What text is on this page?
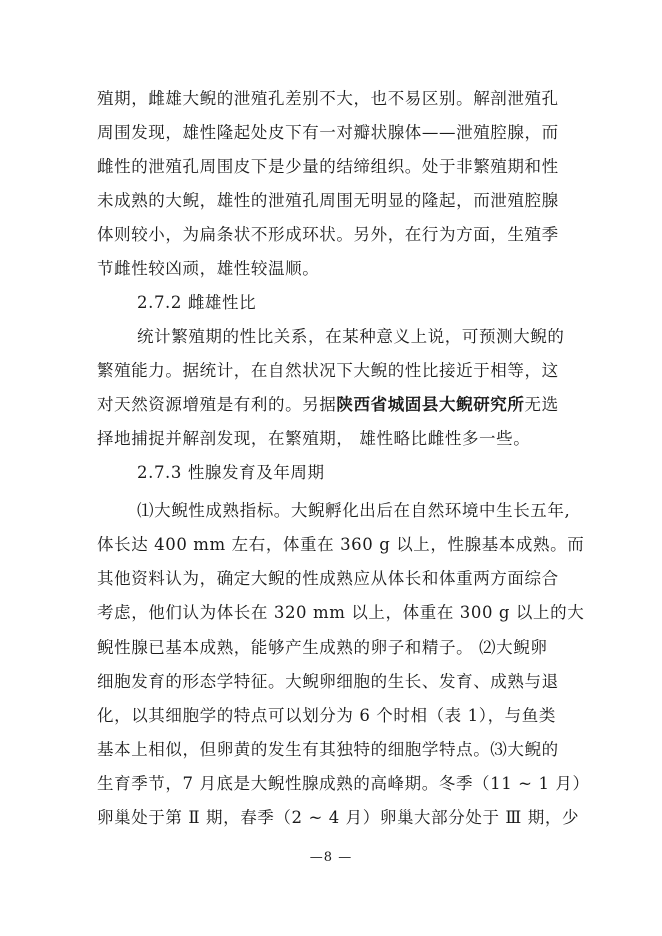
殖期，雌雄大鲵的泄殖孔差别不大，也不易区别。解剖泄殖孔
周围发现，雄性隆起处皮下有一对瓣状腺体——泄殖腔腺，而
雌性的泄殖孔周围皮下是少量的结缔组织。处于非繁殖期和性
未成熟的大鲵，雄性的泄殖孔周围无明显的隆起，而泄殖腔腺
体则较小，为扁条状不形成环状。另外，在行为方面，生殖季
节雌性较凶顽，雄性较温顺。
2.7.2 雌雄性比
统计繁殖期的性比关系，在某种意义上说，可预测大鲵的
繁殖能力。据统计，在自然状况下大鲵的性比接近于相等，这
对天然资源增殖是有利的。另据陕西省城固县大鲵研究所无选
择地捕捉并解剖发现，在繁殖期， 雄性略比雌性多一些。
2.7.3 性腺发育及年周期
⑴大鲵性成熟指标。大鲵孵化出后在自然环境中生长五年,
体长达 400 mm 左右，体重在 360 g 以上，性腺基本成熟。而
其他资料认为，确定大鲵的性成熟应从体长和体重两方面综合
考虑，他们认为体长在 320 mm 以上，体重在 300 g 以上的大
鲵性腺已基本成熟，能够产生成熟的卵子和精子。 ⑵大鲵卵
细胞发育的形态学特征。大鲵卵细胞的生长、发育、成熟与退
化，以其细胞学的特点可以划分为 6 个时相（表 1），与鱼类
基本上相似，但卵黄的发生有其独特的细胞学特点。⑶大鲵的
生育季节，7 月底是大鲵性腺成熟的高峰期。冬季（11 ~ 1 月）
卵巢处于第 Ⅱ 期，春季（2 ~ 4 月）卵巢大部分处于 Ⅲ 期，少
—8 —
